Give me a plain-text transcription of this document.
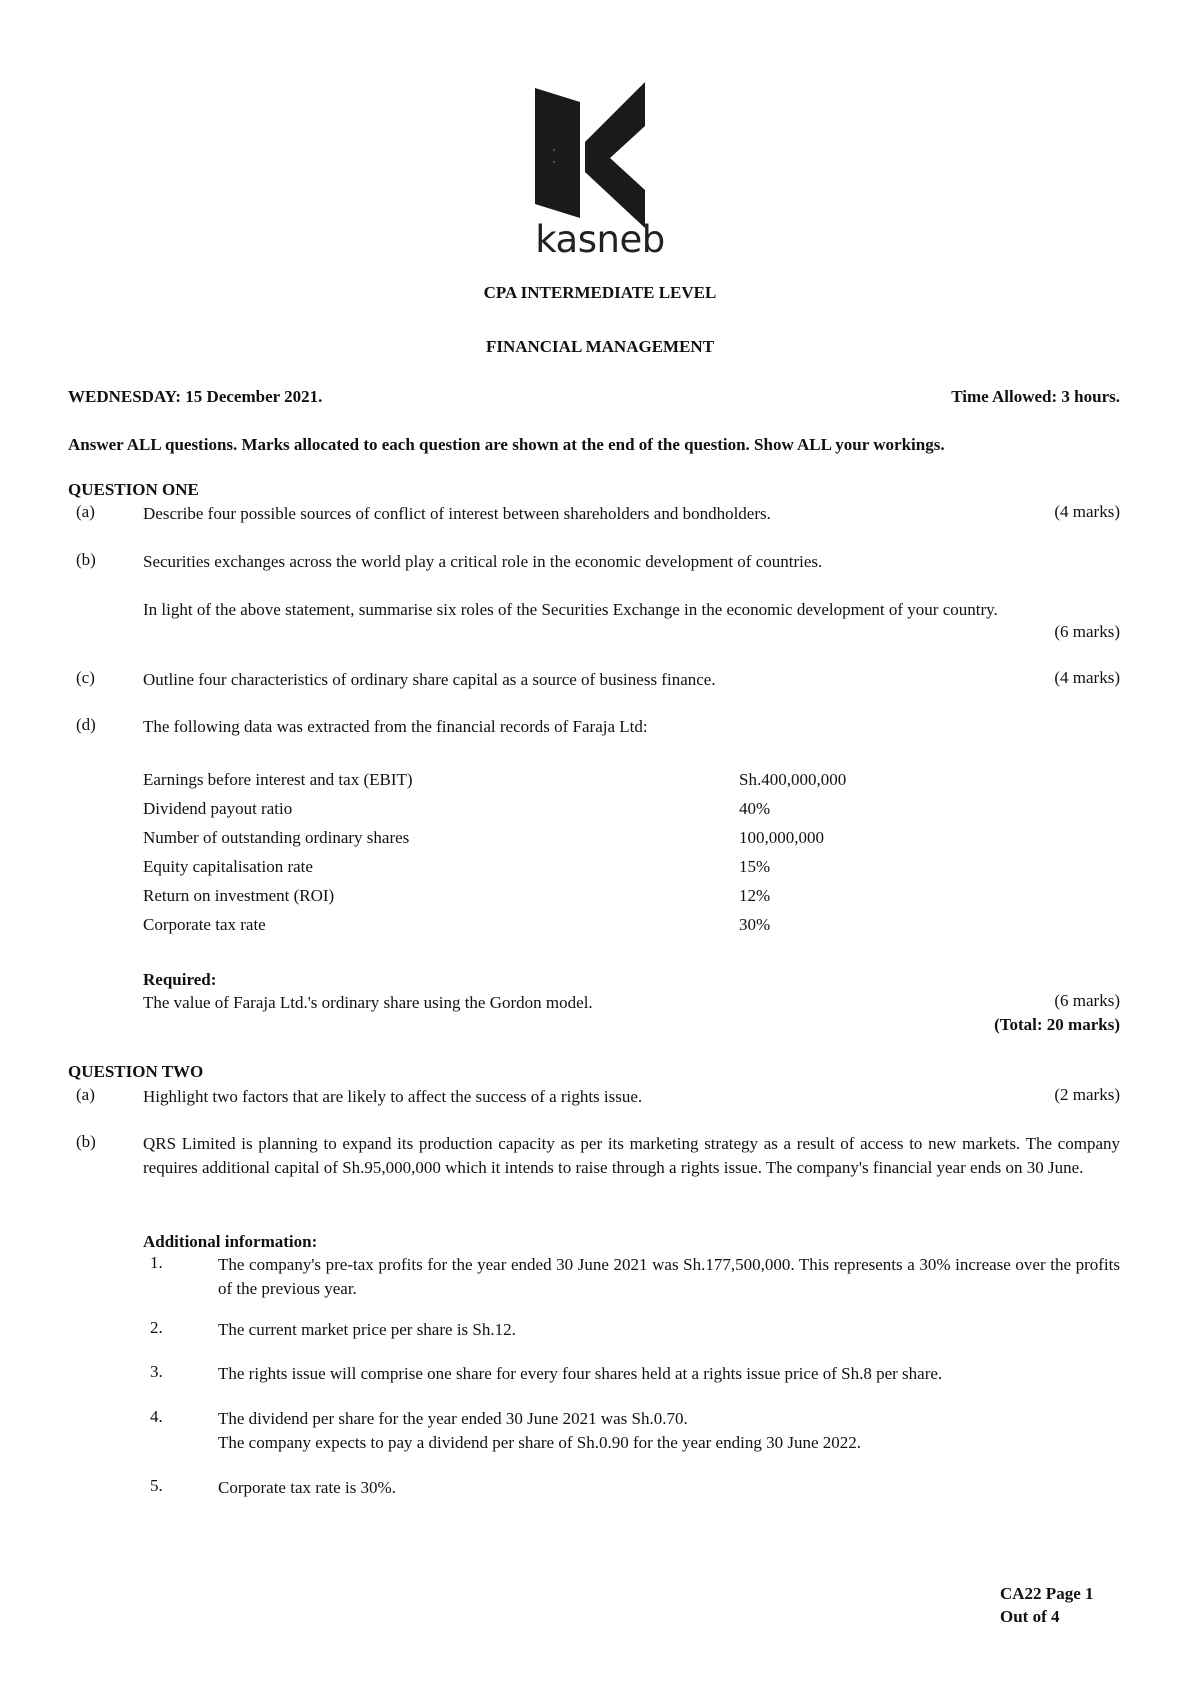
kasneb
CPA INTERMEDIATE LEVEL
FINANCIAL MANAGEMENT
WEDNESDAY: 15 December 2021.	Time Allowed: 3 hours.
Answer ALL questions. Marks allocated to each question are shown at the end of the question. Show ALL your workings.
QUESTION ONE
(a)	Describe four possible sources of conflict of interest between shareholders and bondholders.	(4 marks)
(b)	Securities exchanges across the world play a critical role in the economic development of countries.
In light of the above statement, summarise six roles of the Securities Exchange in the economic development of your country.
(6 marks)
(c)	Outline four characteristics of ordinary share capital as a source of business finance.	(4 marks)
(d)	The following data was extracted from the financial records of Faraja Ltd:
Earnings before interest and tax (EBIT)	Sh.400,000,000
Dividend payout ratio	40%
Number of outstanding ordinary shares	100,000,000
Equity capitalisation rate	15%
Return on investment (ROI)	12%
Corporate tax rate	30%
Required:
The value of Faraja Ltd.'s ordinary share using the Gordon model.	(6 marks)
(Total: 20 marks)
QUESTION TWO
(a)	Highlight two factors that are likely to affect the success of a rights issue.	(2 marks)
(b)	QRS Limited is planning to expand its production capacity as per its marketing strategy as a result of access to new markets. The company requires additional capital of Sh.95,000,000 which it intends to raise through a rights issue. The company's financial year ends on 30 June.
Additional information:
1.	The company's pre-tax profits for the year ended 30 June 2021 was Sh.177,500,000. This represents a 30% increase over the profits of the previous year.
2.	The current market price per share is Sh.12.
3.	The rights issue will comprise one share for every four shares held at a rights issue price of Sh.8 per share.
4.	The dividend per share for the year ended 30 June 2021 was Sh.0.70.
The company expects to pay a dividend per share of Sh.0.90 for the year ending 30 June 2022.
5.	Corporate tax rate is 30%.
CA22 Page 1
Out of 4
